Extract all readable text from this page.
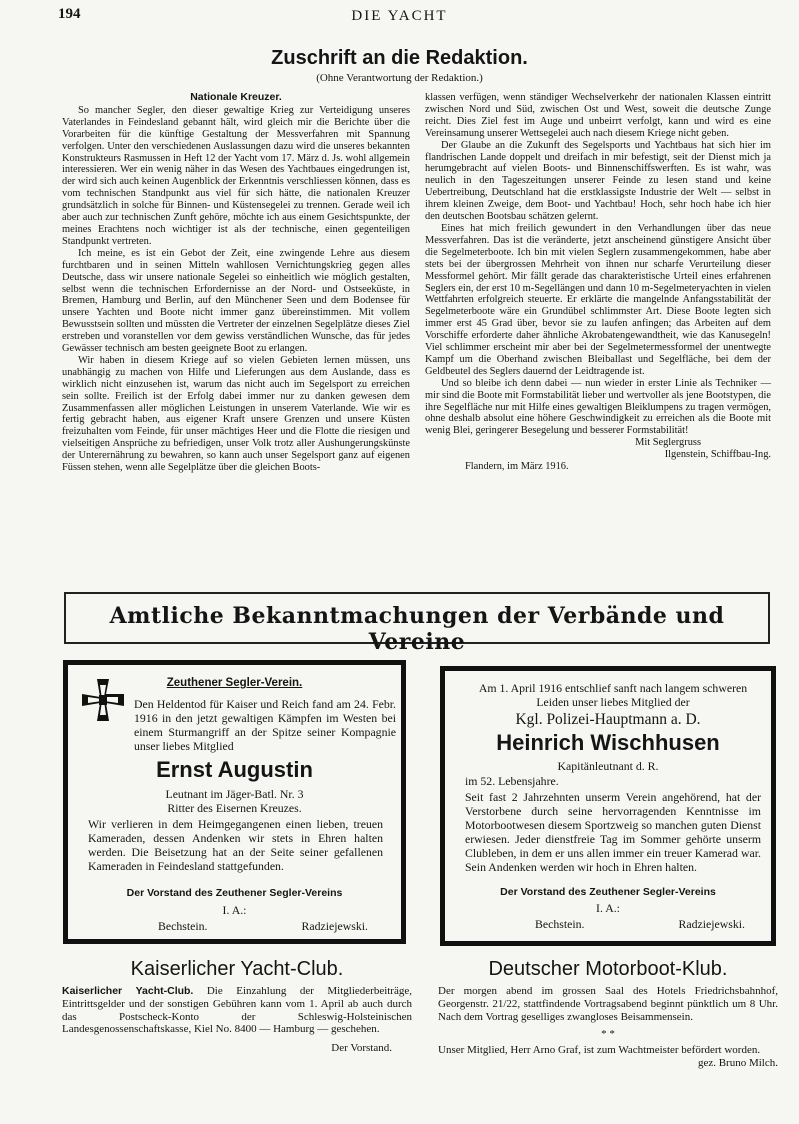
194	DIE YACHT
Zuschrift an die Redaktion.
(Ohne Verantwortung der Redaktion.)
Nationale Kreuzer.

So mancher Segler, den dieser gewaltige Krieg zur Verteidigung unseres Vaterlandes in Feindesland gebannt hält, wird gleich mir die Berichte über die Vorarbeiten für die künftige Gestaltung der Messverfahren mit Spannung verfolgen. Unter den verschiedenen Auslassungen dazu wird die unseres bekannten Konstrukteurs Rasmussen in Heft 12 der Yacht vom 17. März d. Js. wohl allgemein interessieren. Wer ein wenig näher in das Wesen des Yachtbaues eingedrungen ist, der wird sich auch keinen Augenblick der Erkenntnis verschliessen können, dass es vom technischen Standpunkt aus viel für sich hätte, die nationalen Kreuzer grundsätzlich in solche für Binnen- und Küstensegelei zu trennen. Gerade weil ich aber auch zur technischen Zunft gehöre, möchte ich aus einem Gesichtspunkte, der meines Erachtens noch wichtiger ist als der technische, einen gegenteiligen Standpunkt vertreten.

Ich meine, es ist ein Gebot der Zeit, eine zwingende Lehre aus diesem furchtbaren und in seinen Mitteln wahllosen Vernichtungskrieg gegen alles Deutsche, dass wir unsere nationale Segelei so einheitlich wie möglich gestalten, selbst wenn die technischen Erfordernisse an der Nord- und Ostseeküste, in Bremen, Hamburg und Berlin, auf den Münchener Seen und dem Bodensee für unsere Yachten und Boote nicht immer ganz übereinstimmen. Mit vollem Bewusstsein sollten und müssten die Vertreter der einzelnen Segelplätze dieses Ziel erstreben und voranstellen vor dem gewiss verständlichen Wunsche, das für jedes Gewässer technisch am besten geeignete Boot zu erlangen.

Wir haben in diesem Kriege auf so vielen Gebieten lernen müssen, uns unabhängig zu machen von Hilfe und Lieferungen aus dem Auslande, dass es wirklich nicht einzusehen ist, warum das nicht auch im Segelsport zu erreichen sein sollte. Freilich ist der Erfolg dabei immer nur zu danken gewesen dem Zusammenfassen aller möglichen Leistungen in unserem Vaterlande. Wie wir es fertig gebracht haben, aus eigener Kraft unsere Grenzen und unsere Küsten freizuhalten vom Feinde, für unser mächtiges Heer und die Flotte die riesigen und vielseitigen Ansprüche zu befriedigen, unser Volk trotz aller Aushungerungskünste der Unterernährung zu bewahren, so kann auch unser Segelsport ganz auf eigenen Füssen stehen, wenn alle Segelplätze über die gleichen Boots-

klassen verfügen, wenn ständiger Wechselverkehr der nationalen Klassen eintritt zwischen Nord und Süd, zwischen Ost und West, soweit die deutsche Zunge reicht. Dies Ziel fest im Auge und unbeirrt verfolgt, kann und wird es eine Vereinsamung unserer Wettsegelei auch nach diesem Kriege nicht geben.

Der Glaube an die Zukunft des Segelsports und Yachtbaus hat sich hier im flandrischen Lande doppelt und dreifach in mir befestigt, seit der Dienst mich ja herumgebracht auf vielen Boots- und Binnenschiffswerften. Es ist wahr, was neulich in den Tageszeitungen unserer Feinde zu lesen stand und keine Uebertreibung, Deutschland hat die erstklassigste Industrie der Welt — selbst in ihrem kleinen Zweige, dem Boot- und Yachtbau! Hoch, sehr hoch habe ich hier den deutschen Bootsbau schätzen gelernt.

Eines hat mich freilich gewundert in den Verhandlungen über das neue Messverfahren. Das ist die veränderte, jetzt anscheinend günstigere Ansicht über die Segelmeterboote. Ich bin mit vielen Seglern zusammengekommen, habe aber stets bei der übergrossen Mehrheit von ihnen nur scharfe Verurteilung dieser Messformel gehört. Mir fällt gerade das charakteristische Urteil eines erfahrenen Seglers ein, der erst 10 m-Segellängen und dann 10 m-Segelmeteryachten in vielen Wettfahrten erfolgreich steuerte. Er erklärte die mangelnde Anfangsstabilität der Segelmeterboote wäre ein Grundübel schlimmster Art. Diese Boote legten sich immer erst 45 Grad über, bevor sie zu laufen anfingen; das Arbeiten auf dem Vorschiffe erforderte daher ähnliche Akrobatengewandtheit, wie das Kanusegeln! Viel schlimmer erscheint mir aber bei der Segelmetermessformel der unentwegte Kampf um die Oberhand zwischen Bleiballast und Segelfläche, bei dem der Geldbeutel des Seglers dauernd der Leidtragende ist.

Und so bleibe ich denn dabei — nun wieder in erster Linie als Techniker — mir sind die Boote mit Formstabilität lieber und wertvoller als jene Bootstypen, die ihre Segelfläche nur mit Hilfe eines gewaltigen Bleiklumpens zu tragen vermögen, ohne deshalb absolut eine höhere Geschwindigkeit zu erreichen als die Boote mit wenig Blei, geringerer Besegelung und besserer Formstabilität!

Mit Seglergruss
Ilgenstein, Schiffbau-Ing.
Flandern, im März 1916.
Amtliche Bekanntmachungen der Verbände und Vereine
Zeuthener Segler-Verein.
Den Heldentod für Kaiser und Reich fand am 24. Febr. 1916 in den jetzt gewaltigen Kämpfen im Westen bei einem Sturmangriff an der Spitze seiner Kompagnie unser liebes Mitglied
Ernst Augustin
Leutnant im Jäger-Batl. Nr. 3
Ritter des Eisernen Kreuzes.
Wir verlieren in dem Heimgegangenen einen lieben, treuen Kameraden, dessen Andenken wir stets in Ehren halten werden. Die Beisetzung hat an der Seite seiner gefallenen Kameraden in Feindesland stattgefunden.
Der Vorstand des Zeuthener Segler-Vereins
I. A.:
Bechstein.	Radziejewski.
Am 1. April 1916 entschlief sanft nach langem schweren Leiden unser liebes Mitglied der
Kgl. Polizei-Hauptmann a. D.
Heinrich Wischhusen
Kapitänleutnant d. R.
im 52. Lebensjahre.
Seit fast 2 Jahrzehnten unserm Verein angehörend, hat der Verstorbene durch seine hervorragenden Kenntnisse im Motorbootwesen diesem Sportzweig so manchen guten Dienst erwiesen. Jeder dienstfreie Tag im Sommer gehörte unserm Clubleben, in dem er uns allen immer ein treuer Kamerad war. Sein Andenken werden wir hoch in Ehren halten.
Der Vorstand des Zeuthener Segler-Vereins
I. A.:
Bechstein.	Radziejewski.
Kaiserlicher Yacht-Club.
Kaiserlicher Yacht-Club. Die Einzahlung der Mitgliederbeiträge, Eintrittsgelder und der sonstigen Gebühren kann vom 1. April ab auch durch das Postscheck-Konto der Schleswig-Holsteinischen Landesgenossenschaftskasse, Kiel No. 8400 — Hamburg — geschehen.
Der Vorstand.
Deutscher Motorboot-Klub.
Der morgen abend im grossen Saal des Hotels Friedrichsbahnhof, Georgenstr. 21/22, stattfindende Vortragsabend beginnt pünktlich um 8 Uhr. Nach dem Vortrag geselliges zwangloses Beisammensein.
* *
Unser Mitglied, Herr Arno Graf, ist zum Wachtmeister befördert worden.
gez. Bruno Milch.
